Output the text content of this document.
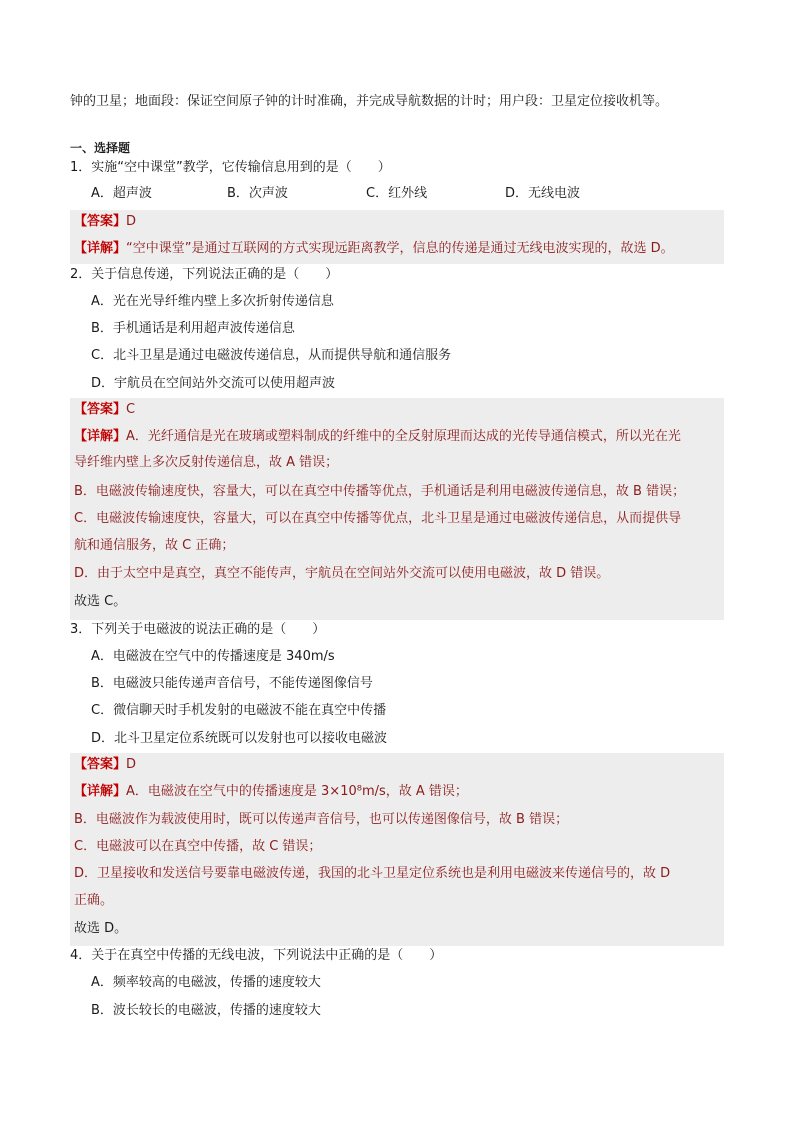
钟的卫星；地面段：保证空间原子钟的计时准确，并完成导航数据的计时；用户段：卫星定位接收机等。
一、选择题
1．实施“空中课堂”教学，它传输信息用到的是（　　）
A．超声波	B．次声波	C．红外线	D．无线电波
【答案】D
【详解】“空中课堂”是通过互联网的方式实现远距离教学，信息的传递是通过无线电波实现的，故选 D。
2．关于信息传递，下列说法正确的是（　　）
A．光在光导纤维内壁上多次折射传递信息
B．手机通话是利用超声波传递信息
C．北斗卫星是通过电磁波传递信息，从而提供导航和通信服务
D．宇航员在空间站外交流可以使用超声波
【答案】C
【详解】A．光纤通信是光在玻璃或塑料制成的纤维中的全反射原理而达成的光传导通信模式，所以光在光
导纤维内壁上多次反射传递信息，故 A 错误；
B．电磁波传输速度快，容量大，可以在真空中传播等优点，手机通话是利用电磁波传递信息，故 B 错误；
C．电磁波传输速度快，容量大，可以在真空中传播等优点，北斗卫星是通过电磁波传递信息，从而提供导
航和通信服务，故 C 正确；
D．由于太空中是真空，真空不能传声，宇航员在空间站外交流可以使用电磁波，故 D 错误。
故选 C。
3．下列关于电磁波的说法正确的是（　　）
A．电磁波在空气中的传播速度是 340m/s
B．电磁波只能传递声音信号，不能传递图像信号
C．微信聊天时手机发射的电磁波不能在真空中传播
D．北斗卫星定位系统既可以发射也可以接收电磁波
【答案】D
【详解】A．电磁波在空气中的传播速度是 3×10⁸m/s，故 A 错误；
B．电磁波作为载波使用时，既可以传递声音信号，也可以传递图像信号，故 B 错误；
C．电磁波可以在真空中传播，故 C 错误；
D．卫星接收和发送信号要靠电磁波传递，我国的北斗卫星定位系统也是利用电磁波来传递信号的，故 D
正确。
故选 D。
4．关于在真空中传播的无线电波，下列说法中正确的是（　　）
A．频率较高的电磁波，传播的速度较大
B．波长较长的电磁波，传播的速度较大
